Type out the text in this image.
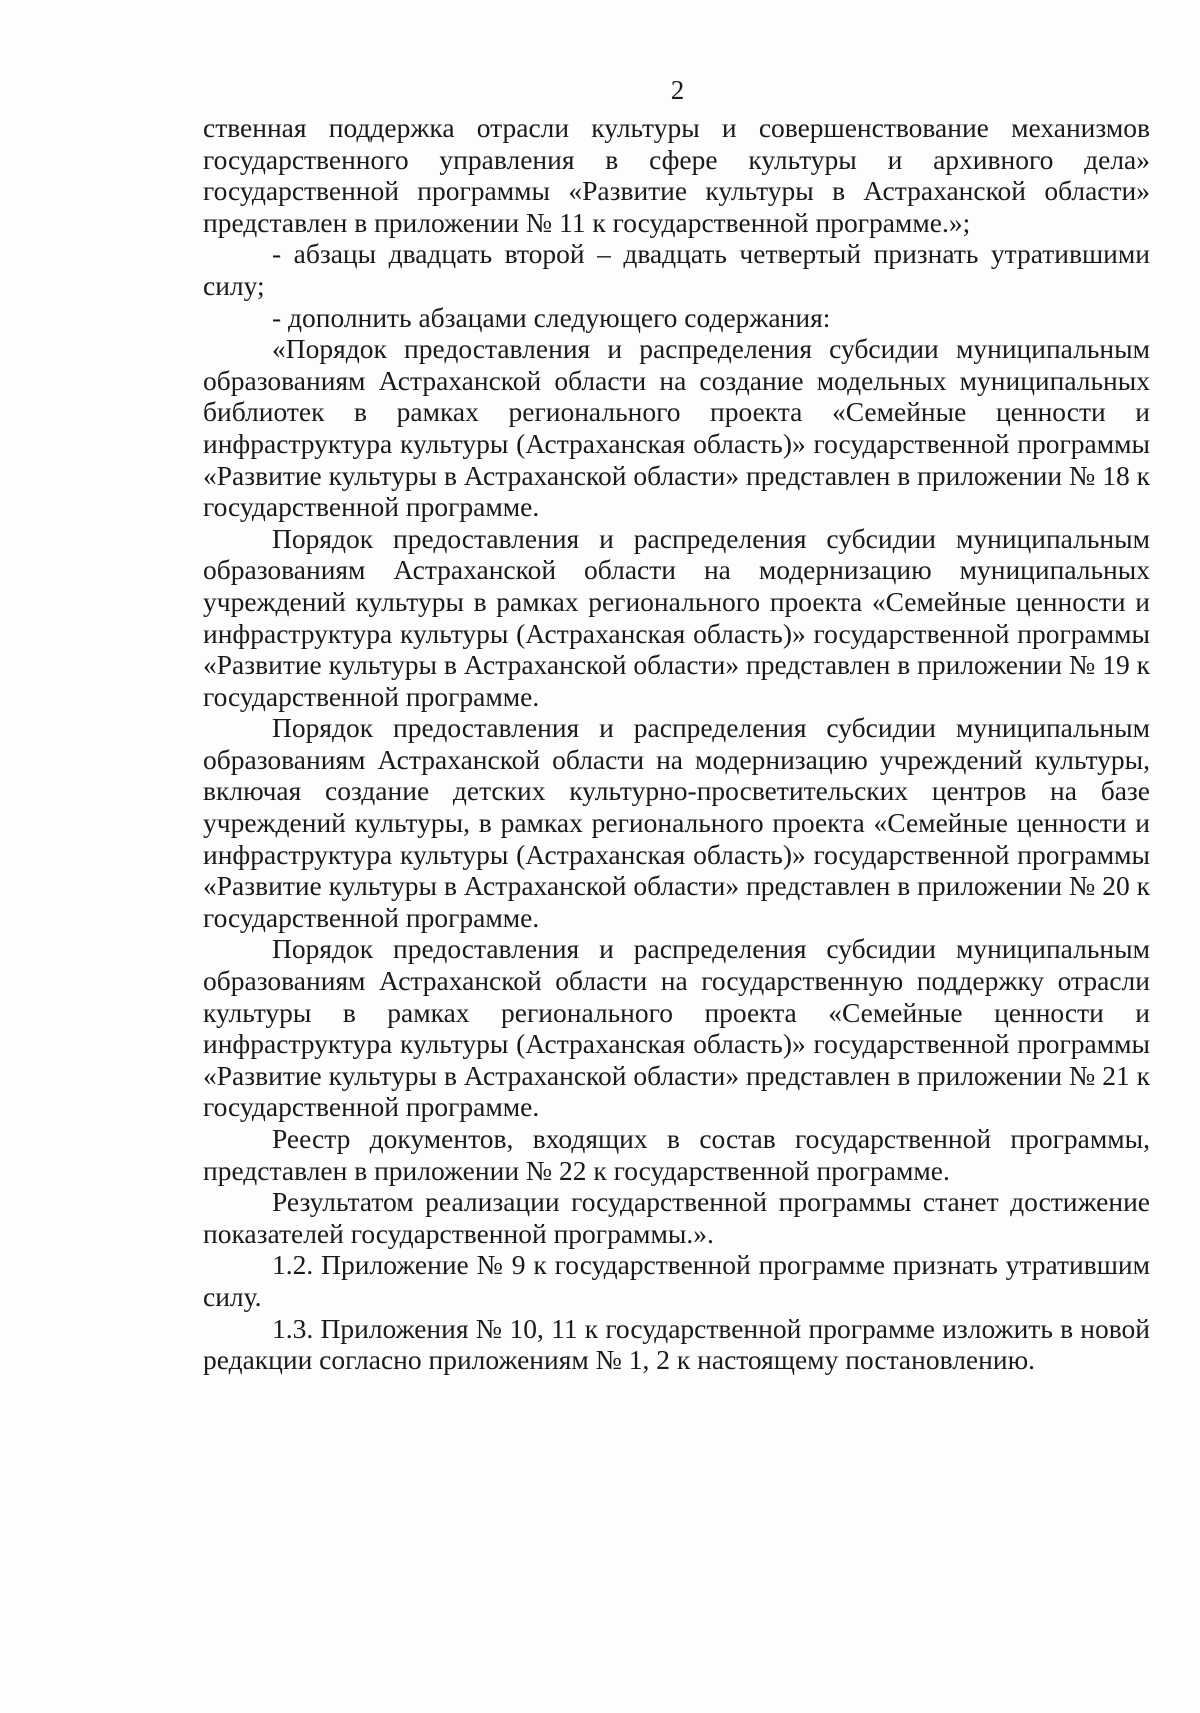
2

ственная поддержка отрасли культуры и совершенствование механизмов государственного управления в сфере культуры и архивного дела» государственной программы «Развитие культуры в Астраханской области» представлен в приложении № 11 к государственной программе.»;

- абзацы двадцать второй – двадцать четвертый признать утратившими силу;

- дополнить абзацами следующего содержания:

«Порядок предоставления и распределения субсидии муниципальным образованиям Астраханской области на создание модельных муниципальных библиотек в рамках регионального проекта «Семейные ценности и инфраструктура культуры (Астраханская область)» государственной программы «Развитие культуры в Астраханской области» представлен в приложении № 18 к государственной программе.

Порядок предоставления и распределения субсидии муниципальным образованиям Астраханской области на модернизацию муниципальных учреждений культуры в рамках регионального проекта «Семейные ценности и инфраструктура культуры (Астраханская область)» государственной программы «Развитие культуры в Астраханской области» представлен в приложении № 19 к государственной программе.

Порядок предоставления и распределения субсидии муниципальным образованиям Астраханской области на модернизацию учреждений культуры, включая создание детских культурно-просветительских центров на базе учреждений культуры, в рамках регионального проекта «Семейные ценности и инфраструктура культуры (Астраханская область)» государственной программы «Развитие культуры в Астраханской области» представлен в приложении № 20 к государственной программе.

Порядок предоставления и распределения субсидии муниципальным образованиям Астраханской области на государственную поддержку отрасли культуры в рамках регионального проекта «Семейные ценности и инфраструктура культуры (Астраханская область)» государственной программы «Развитие культуры в Астраханской области» представлен в приложении № 21 к государственной программе.

Реестр документов, входящих в состав государственной программы, представлен в приложении № 22 к государственной программе.

Результатом реализации государственной программы станет достижение показателей государственной программы.».

1.2. Приложение № 9 к государственной программе признать утратившим силу.

1.3. Приложения № 10, 11 к государственной программе изложить в новой редакции согласно приложениям № 1, 2 к настоящему постановлению.
